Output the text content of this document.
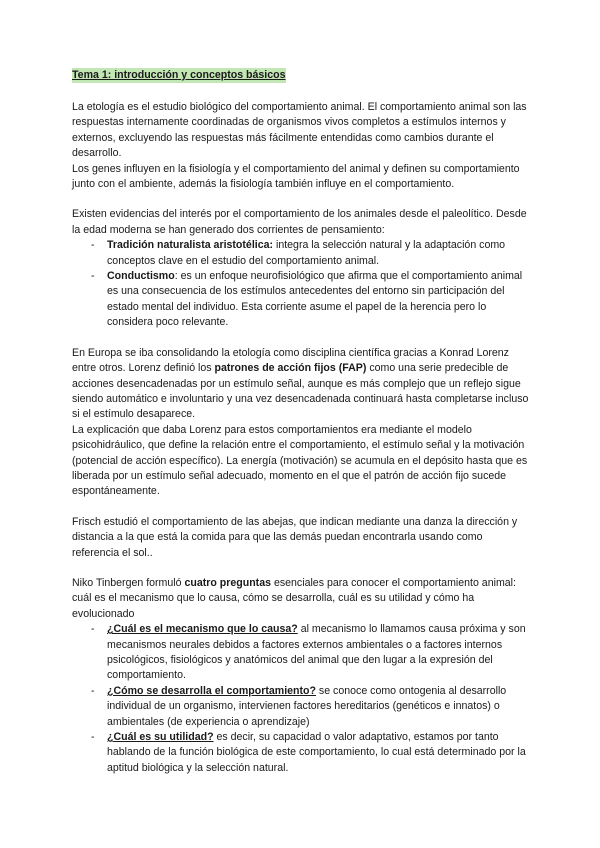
Tema 1: introducción y conceptos básicos

La etología es el estudio biológico del comportamiento animal. El comportamiento animal son las respuestas internamente coordinadas de organismos vivos completos a estímulos internos y externos, excluyendo las respuestas más fácilmente entendidas como cambios durante el desarrollo.

Los genes influyen en la fisiología y el comportamiento del animal y definen su comportamiento junto con el ambiente, además la fisiología también influye en el comportamiento.

Existen evidencias del interés por el comportamiento de los animales desde el paleolítico. Desde la edad moderna se han generado dos corrientes de pensamiento:

- Tradición naturalista aristotélica: integra la selección natural y la adaptación como conceptos clave en el estudio del comportamiento animal.
- Conductismo: es un enfoque neurofisiológico que afirma que el comportamiento animal es una consecuencia de los estímulos antecedentes del entorno sin participación del estado mental del individuo. Esta corriente asume el papel de la herencia pero lo considera poco relevante.

En Europa se iba consolidando la etología como disciplina científica gracias a Konrad Lorenz entre otros. Lorenz definió los patrones de acción fijos (FAP) como una serie predecible de acciones desencadenadas por un estímulo señal, aunque es más complejo que un reflejo sigue siendo automático e involuntario y una vez desencadenada continuará hasta completarse incluso si el estímulo desaparece.

La explicación que daba Lorenz para estos comportamientos era mediante el modelo psicohidráulico, que define la relación entre el comportamiento, el estímulo señal y la motivación (potencial de acción específico). La energía (motivación) se acumula en el depósito hasta que es liberada por un estímulo señal adecuado, momento en el que el patrón de acción fijo sucede espontáneamente.

Frisch estudió el comportamiento de las abejas, que indican mediante una danza la dirección y distancia a la que está la comida para que las demás puedan encontrarla usando como referencia el sol..

Niko Tinbergen formuló cuatro preguntas esenciales para conocer el comportamiento animal: cuál es el mecanismo que lo causa, cómo se desarrolla, cuál es su utilidad y cómo ha evolucionado

- ¿Cuál es el mecanismo que lo causa? al mecanismo lo llamamos causa próxima y son mecanismos neurales debidos a factores externos ambientales o a factores internos psicológicos, fisiológicos y anatómicos del animal que den lugar a la expresión del comportamiento.
- ¿Cómo se desarrolla el comportamiento? se conoce como ontogenia al desarrollo individual de un organismo, intervienen factores hereditarios (genéticos e innatos) o ambientales (de experiencia o aprendizaje)
- ¿Cuál es su utilidad? es decir, su capacidad o valor adaptativo, estamos por tanto hablando de la función biológica de este comportamiento, lo cual está determinado por la aptitud biológica y la selección natural.
